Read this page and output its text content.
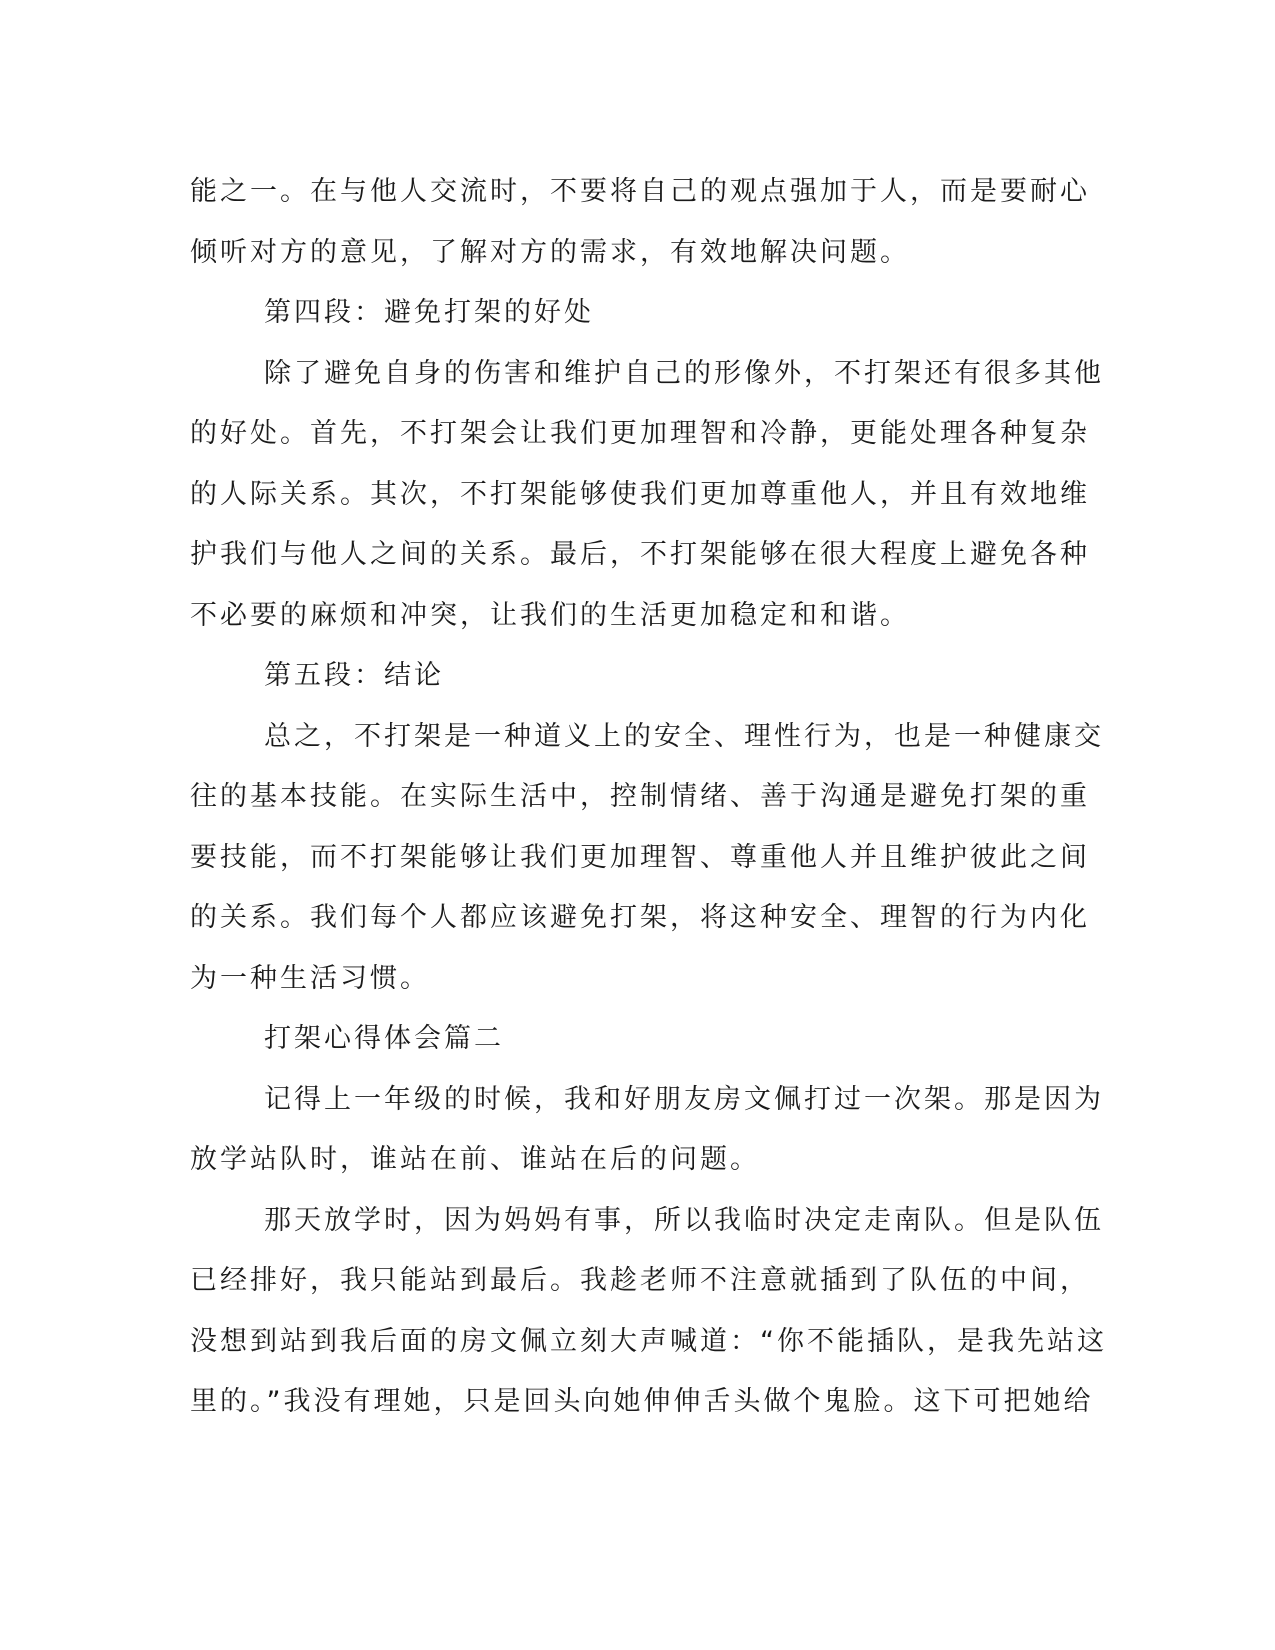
能之一。在与他人交流时，不要将自己的观点强加于人，而是要耐心
倾听对方的意见，了解对方的需求，有效地解决问题。
第四段：避免打架的好处
除了避免自身的伤害和维护自己的形像外，不打架还有很多其他
的好处。首先，不打架会让我们更加理智和冷静，更能处理各种复杂
的人际关系。其次，不打架能够使我们更加尊重他人，并且有效地维
护我们与他人之间的关系。最后，不打架能够在很大程度上避免各种
不必要的麻烦和冲突，让我们的生活更加稳定和和谐。
第五段：结论
总之，不打架是一种道义上的安全、理性行为，也是一种健康交
往的基本技能。在实际生活中，控制情绪、善于沟通是避免打架的重
要技能，而不打架能够让我们更加理智、尊重他人并且维护彼此之间
的关系。我们每个人都应该避免打架，将这种安全、理智的行为内化
为一种生活习惯。
打架心得体会篇二
记得上一年级的时候，我和好朋友房文佩打过一次架。那是因为
放学站队时，谁站在前、谁站在后的问题。
那天放学时，因为妈妈有事，所以我临时决定走南队。但是队伍
已经排好，我只能站到最后。我趁老师不注意就插到了队伍的中间，
没想到站到我后面的房文佩立刻大声喊道：“你不能插队，是我先站这
里的。”我没有理她，只是回头向她伸伸舌头做个鬼脸。这下可把她给
